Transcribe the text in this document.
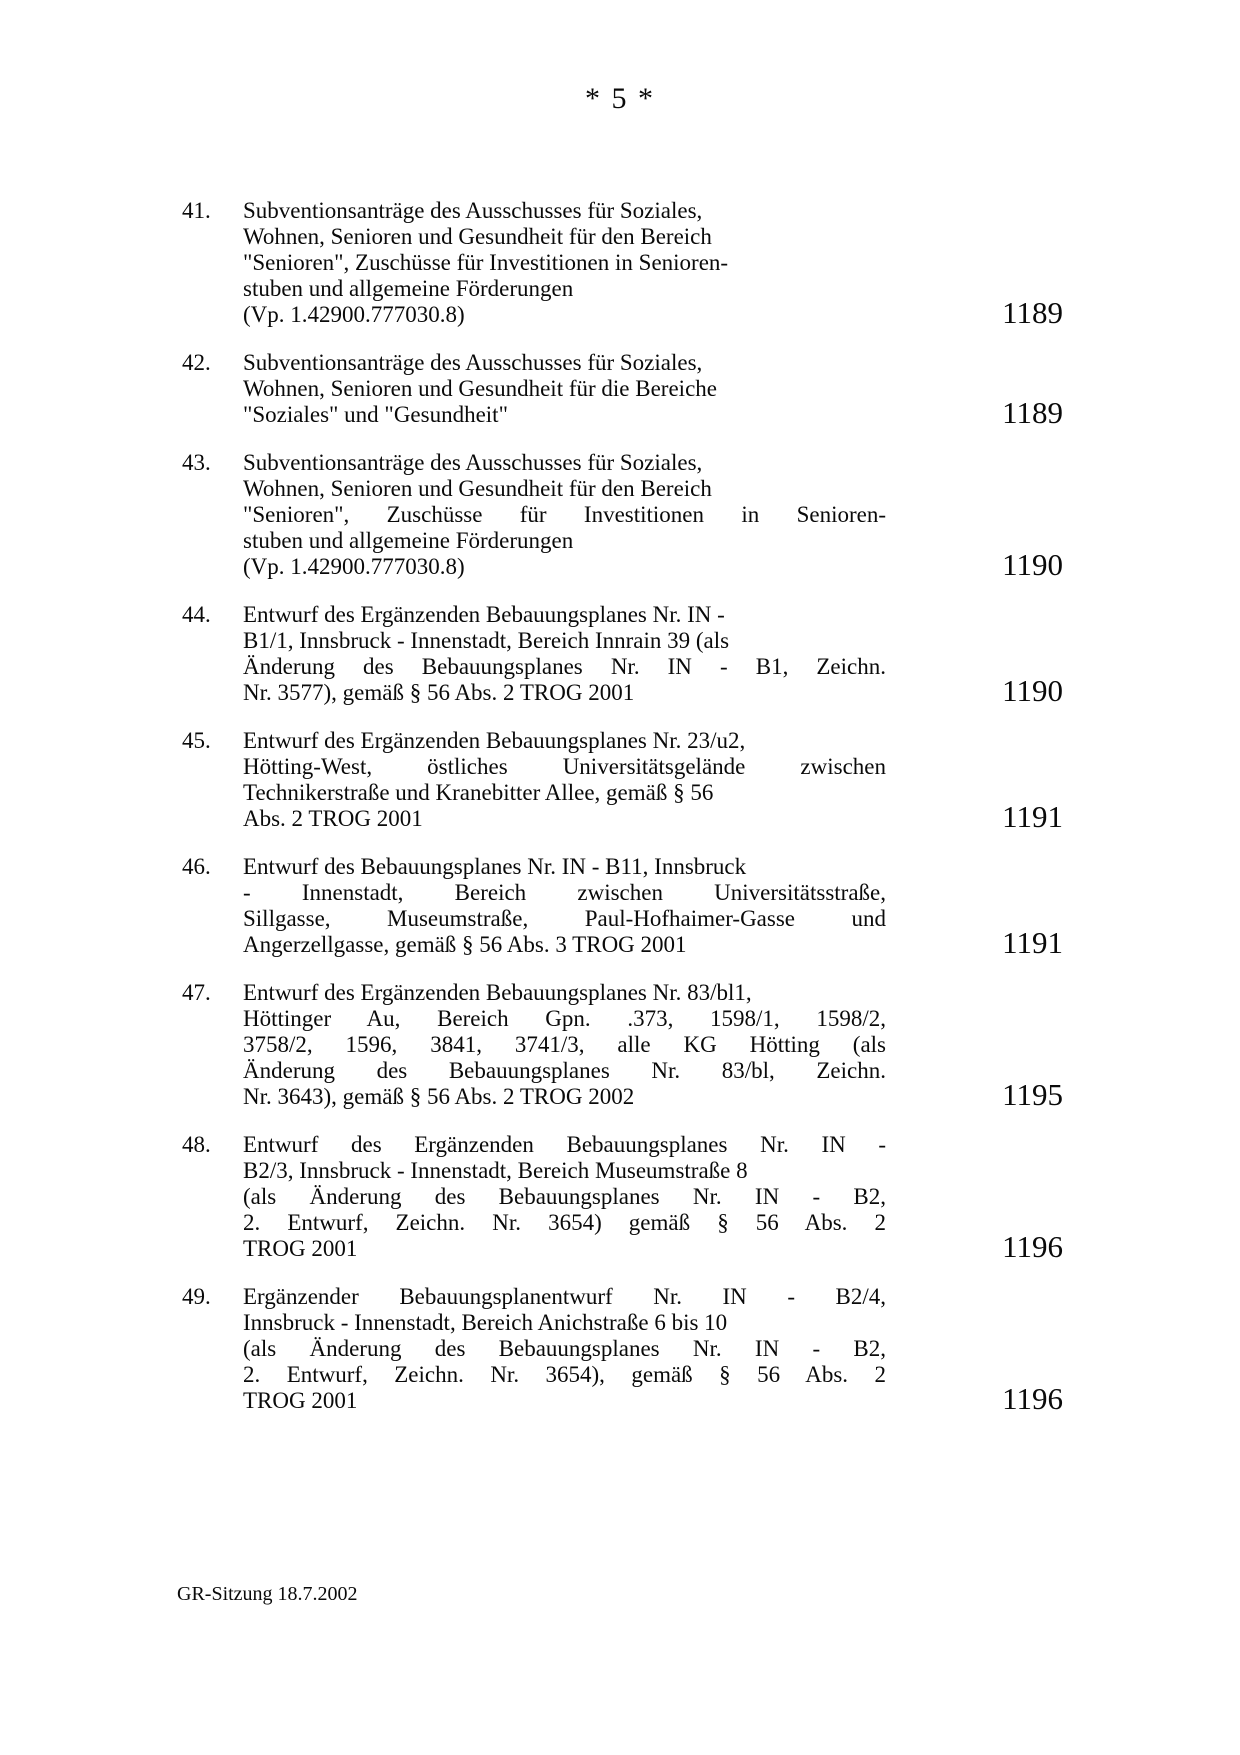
* 5 *
41.	Subventionsanträge des Ausschusses für Soziales,
Wohnen, Senioren und Gesundheit für den Bereich
"Senioren", Zuschüsse für Investitionen in Senioren-
stuben und allgemeine Förderungen
(Vp. 1.42900.777030.8)	1189
42.	Subventionsanträge des Ausschusses für Soziales,
Wohnen, Senioren und Gesundheit für die Bereiche
"Soziales" und "Gesundheit"	1189
43.	Subventionsanträge des Ausschusses für Soziales,
Wohnen, Senioren und Gesundheit für den Bereich
"Senioren", Zuschüsse für Investitionen in Senioren-
stuben und allgemeine Förderungen
(Vp. 1.42900.777030.8)	1190
44.	Entwurf des Ergänzenden Bebauungsplanes Nr. IN -
B1/1, Innsbruck - Innenstadt, Bereich Innrain 39 (als
Änderung des Bebauungsplanes Nr. IN - B1, Zeichn.
Nr. 3577), gemäß § 56 Abs. 2 TROG 2001	1190
45.	Entwurf des Ergänzenden Bebauungsplanes Nr. 23/u2,
Hötting-West, östliches Universitätsgelände zwischen
Technikerstraße und Kranebitter Allee, gemäß § 56
Abs. 2 TROG 2001	1191
46.	Entwurf des Bebauungsplanes Nr. IN - B11, Innsbruck
- Innenstadt, Bereich zwischen Universitätsstraße,
Sillgasse, Museumstraße, Paul-Hofhaimer-Gasse und
Angerzellgasse, gemäß § 56 Abs. 3 TROG 2001	1191
47.	Entwurf des Ergänzenden Bebauungsplanes Nr. 83/bl1,
Höttinger Au, Bereich Gpn. .373, 1598/1, 1598/2,
3758/2, 1596, 3841, 3741/3, alle KG Hötting (als
Änderung des Bebauungsplanes Nr. 83/bl, Zeichn.
Nr. 3643), gemäß § 56 Abs. 2 TROG 2002	1195
48.	Entwurf des Ergänzenden Bebauungsplanes Nr. IN -
B2/3, Innsbruck - Innenstadt, Bereich Museumstraße 8
(als Änderung des Bebauungsplanes Nr. IN - B2,
2. Entwurf, Zeichn. Nr. 3654) gemäß § 56 Abs. 2
TROG 2001	1196
49.	Ergänzender Bebauungsplanentwurf Nr. IN - B2/4,
Innsbruck - Innenstadt, Bereich Anichstraße 6 bis 10
(als Änderung des Bebauungsplanes Nr. IN - B2,
2. Entwurf, Zeichn. Nr. 3654), gemäß § 56 Abs. 2
TROG 2001	1196
GR-Sitzung 18.7.2002
